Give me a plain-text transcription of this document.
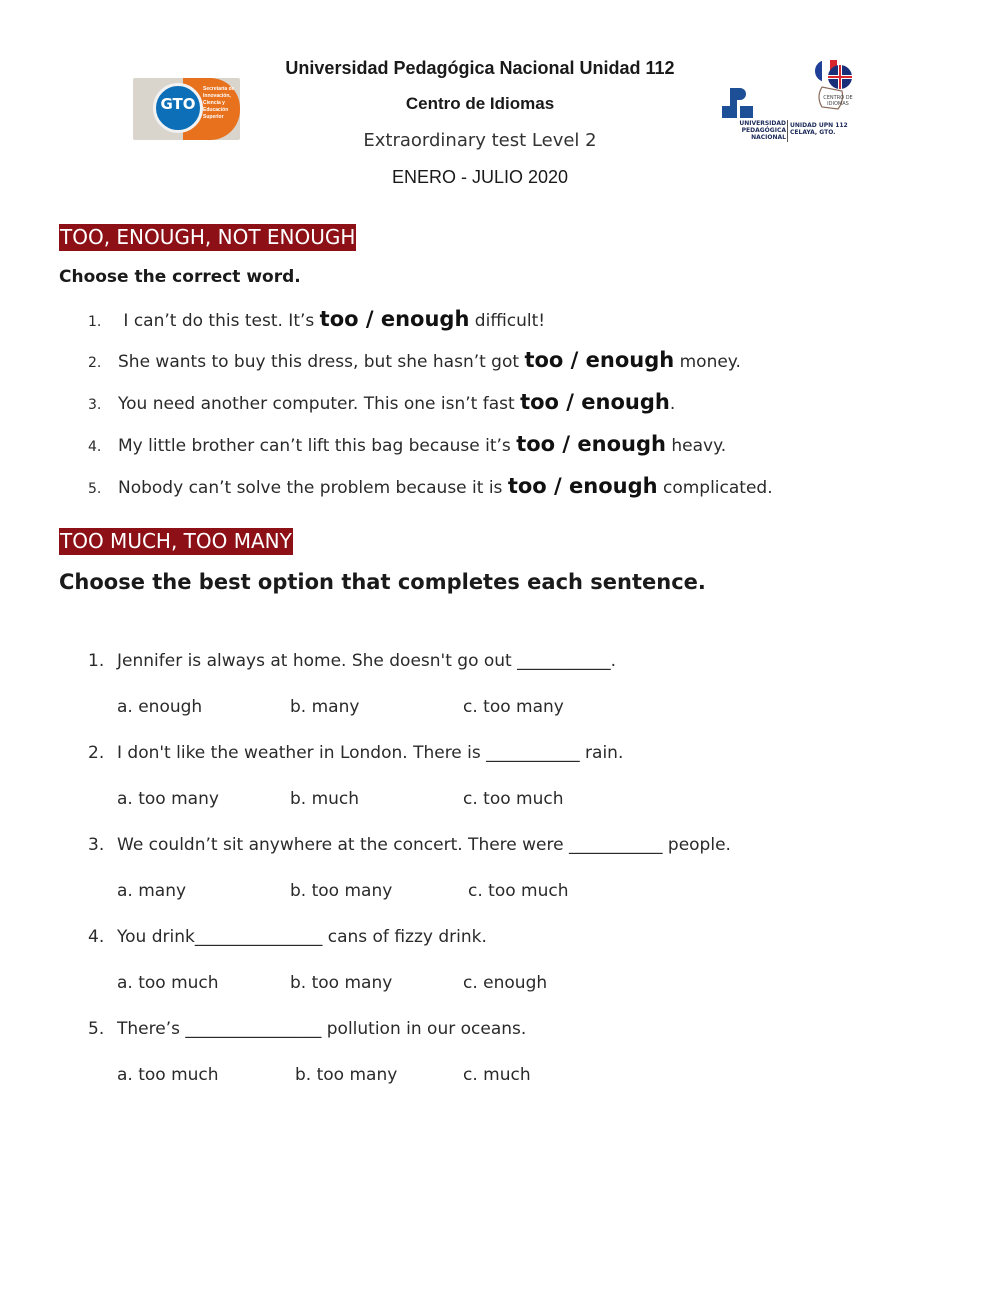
Universidad Pedagógica Nacional Unidad 112
Centro de Idiomas
Extraordinary test Level 2
ENERO - JULIO 2020
GTO
Secretaría de
Innovación,
Ciencia y
Educación
Superior
UNIVERSIDAD
PEDAGÓGICA
NACIONAL
UNIDAD UPN 112
CELAYA, GTO.
CENTRO DE IDIOMAS
TOO, ENOUGH, NOT ENOUGH
Choose the correct word.
1. I can’t do this test. It’s too / enough difficult!
2. She wants to buy this dress, but she hasn’t got too / enough money.
3. You need another computer. This one isn’t fast too / enough.
4. My little brother can’t lift this bag because it’s too / enough heavy.
5. Nobody can’t solve the problem because it is too / enough complicated.
TOO MUCH, TOO MANY
Choose the best option that completes each sentence.
1. Jennifer is always at home. She doesn't go out ___________.
a. enough	b. many	c. too many
2. I don't like the weather in London. There is ___________ rain.
a. too many	b. much	c. too much
3. We couldn’t sit anywhere at the concert. There were ___________ people.
a. many	b. too many	c. too much
4. You drink_______________ cans of fizzy drink.
a. too much	b. too many	c. enough
5. There’s ________________ pollution in our oceans.
a. too much	b. too many	c. much
